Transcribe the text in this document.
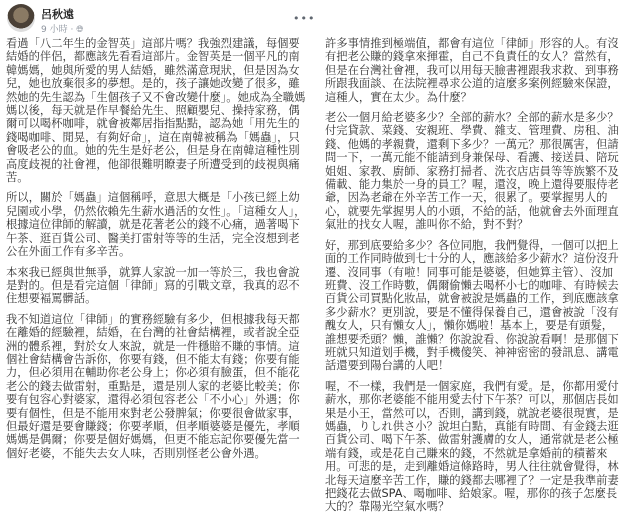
呂秋遠
9 小時 · 🌐︎
•••

看過「八二年生的金智英」這部片嗎？我強烈建議，每個要結婚的伴侶，都應該先看看這部片。金智英是一個平凡的南韓媽媽，她與所愛的男人結婚，雖然滿意現狀，但是因為女兒，她也放棄很多的夢想。是的，孩子讓她改變了很多，雖然她的先生認為「生個孩子又不會改變什麼」。她成為全職媽媽以後，每天就是作早餐給先生、照顧嬰兒、操持家務，偶爾可以喝杯咖啡，就會被鄰居指指點點，認為她「用先生的錢喝咖啡、閒晃，有夠好命」，這在南韓被稱為「媽蟲」，只會吸老公的血。她的先生是好老公，但是身在南韓這種性別高度歧視的社會裡，他卻很難明瞭妻子所遭受到的歧視與痛苦。

所以，關於「媽蟲」這個稱呼，意思大概是「小孩已經上幼兒園或小學，仍然依賴先生薪水過活的女性」。「這種女人」，根據這位律師的解讀，就是花著老公的錢不心痛，過著喝下午茶、逛百貨公司、醫美打雷射等等的生活，完全沒想到老公在外面工作有多辛苦。

本來我已經與世無爭，就算人家說一加一等於三，我也會說是對的。但是看完這個「律師」寫的引戰文章，我真的忍不住想要褔罵髒話。

我不知道這位「律師」的實務經驗有多少，但根據我每天都在離婚的經驗裡，結婚，在台灣的社會結構裡，或者說全亞洲的體系裡，對於女人來說，就是一件穩賠不賺的事情。這個社會結構會告訴你，你要有錢，但不能太有錢；你要有能力，但必須用在輔助你老公身上；你必須有臉蛋，但不能花老公的錢去做雷射，重點是，還是別人家的老婆比較美；你要有包容心對婆家，還得必須包容老公「不小心」外遇；你要有個性，但是不能用來對老公發脾氣；你要很會做家事，但最好還是要會賺錢；你要孝順，但孝順婆婆是優先，孝順媽媽是偶爾；你要是個好媽媽，但更不能忘記你要優先當一個好老婆，不能失去女人味，否則別怪老公會外遇。

許多事情推到極端值，都會有這位「律師」形容的人。有沒有把老公賺的錢拿來揮霍，自己不負責任的女人？當然有，但是在台灣社會裡，我可以用每天臉書裡跟我求救、到事務所跟我面談、在法院裡尋求公道的這麼多案例經驗來保證，這種人，實在太少。為什麼？

老公一個月給老婆多少？全部的薪水？全部的薪水是多少？付完貸款、菜錢、安親班、學費、雜支、管理費、房租、油錢、他媽的孝親費，還剩下多少？一萬元？那很厲害，但請問一下，一萬元能不能請到身兼保母、看護、接送員、陪玩姐姐、家教、廚師、家務打掃者、洗衣店店員等等族繁不及備載、能力集於一身的員工？喔，還沒，晚上還得要服侍老爺，因為老爺在外辛苦工作一天，很累了。要掌握男人的心，就要先掌握男人的小頭，不給的話，他就會去外面理直氣壯的找女人喔，誰叫你不給，對不對？

好，那到底要給多少？各位同胞，我們覺得，一個可以把上面的工作同時做到七十分的人，應該給多少薪水？這份沒升遷、沒同事（有啦！同事可能是婆婆，但她算主管）、沒加班費、沒工作時數，偶爾偷懶去喝杯小七的咖啡、有時候去百貨公司買點化妝品，就會被說是媽蟲的工作，到底應該拿多少薪水？更別說，要是不懂得保養自己，還會被說「沒有醜女人，只有懶女人」，懶你媽啦！基本上，要是有頭髮，誰想要禿頭？懶，誰懶？你說說看、你說說看啊！是那個下班就只知道划手機，對手機傻笑、神神密密的發訊息、講電話還要到陽台講的人吧！

喔，不一樣，我們是一個家庭，我們有愛。是，你都用愛付薪水，那你老婆能不能用愛去付下午茶？可以，那個店長如果是小王，當然可以，否則，講到錢，就說老婆很現實，是媽蟲，りしれ供さ小？說坦白點，真能有時間、有金錢去逛百貨公司、喝下午茶、做雷射護膚的女人，通常就是老公極端有錢，或是花自己賺來的錢，不然就是拿婚前的積蓄來用。可悲的是，走到離婚這條路時，男人往往就會覺得，林北每天這麼辛苦工作，賺的錢都去哪裡了？一定是我準前妻把錢花去做SPA、喝咖啡、給娘家。喔，那你的孩子怎麼長大的？靠陽光空氣水嗎？
